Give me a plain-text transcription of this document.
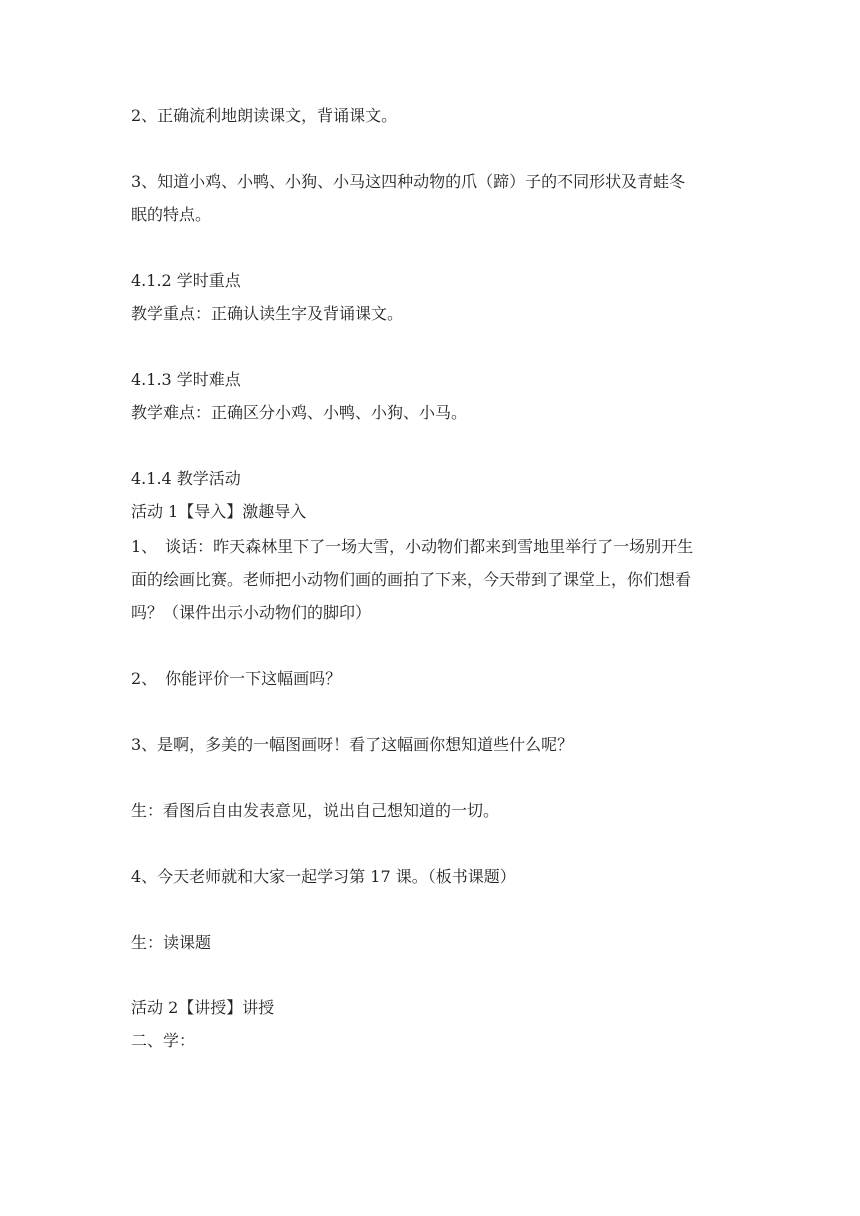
2、正确流利地朗读课文，背诵课文。
3、知道小鸡、小鸭、小狗、小马这四种动物的爪（蹄）子的不同形状及青蛙冬
眠的特点。
4.1.2 学时重点
教学重点：正确认读生字及背诵课文。
4.1.3 学时难点
教学难点：正确区分小鸡、小鸭、小狗、小马。
4.1.4 教学活动
活动 1【导入】激趣导入
1、　谈话：昨天森林里下了一场大雪，小动物们都来到雪地里举行了一场别开生
面的绘画比赛。老师把小动物们画的画拍了下来，今天带到了课堂上，你们想看
吗？（课件出示小动物们的脚印）
2、　你能评价一下这幅画吗？
3、是啊，多美的一幅图画呀！看了这幅画你想知道些什么呢？
生：看图后自由发表意见，说出自己想知道的一切。
4、今天老师就和大家一起学习第 17 课。（板书课题）
生：读课题
活动 2【讲授】讲授
二、学：
